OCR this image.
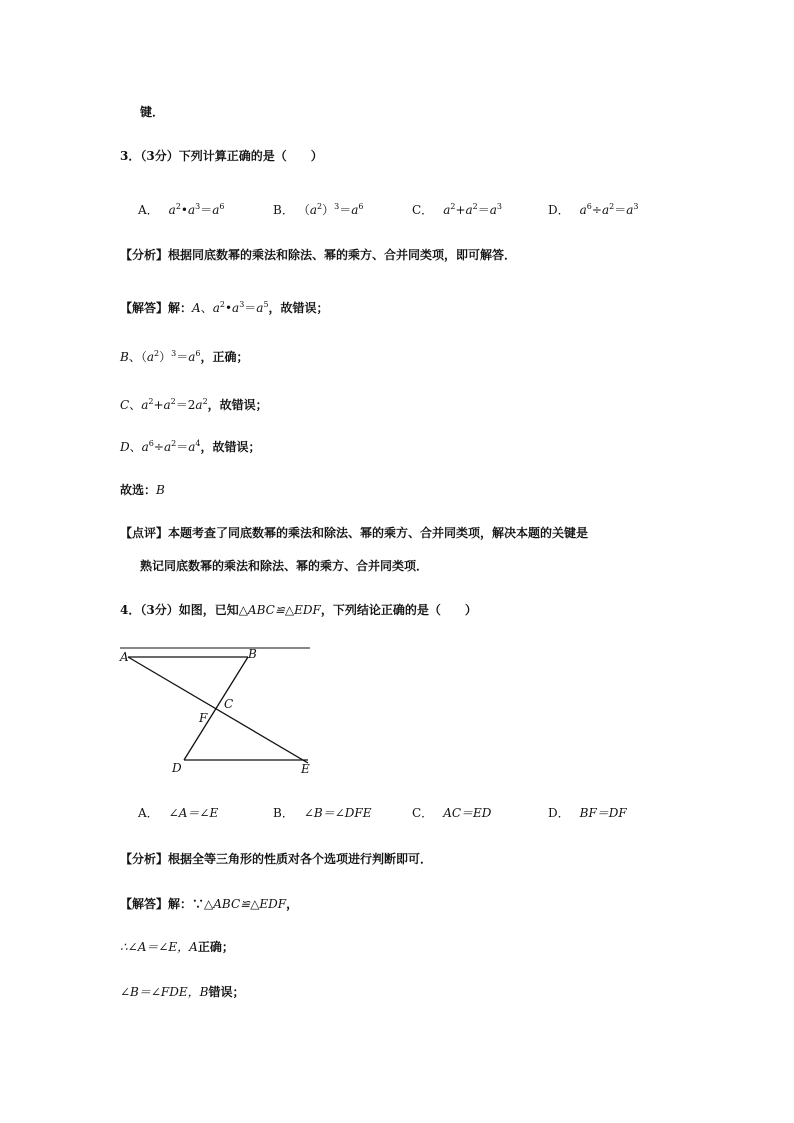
键．
3．（3分）下列计算正确的是（　　）
A． $a^2•a^3=a^6$	B． $(a^2)^3=a^6$	C． $a^2+a^2=a^3$	D． $a^6\div a^2=a^3$
【分析】根据同底数幂的乘法和除法、幂的乘方、合并同类项，即可解答．
【解答】解：A、$a^2•a^3=a^5$，故错误；
B、$(a^2)^3=a^6$，正确；
C、$a^2+a^2=2a^2$，故错误；
D、$a^6\div a^2=a^4$，故错误；
故选：B
【点评】本题考查了同底数幂的乘法和除法、幂的乘方、合并同类项，解决本题的关键是
熟记同底数幂的乘法和除法、幂的乘方、合并同类项．
4．（3分）如图，已知△ABC≌△EDF，下列结论正确的是（　　）
A	B
C
F
D	E
A． ∠A＝∠E	B． ∠B＝∠DFE	C． AC＝ED	D． BF＝DF
【分析】根据全等三角形的性质对各个选项进行判断即可．
【解答】解：∵△ABC≌△EDF，
∴∠A＝∠E，A正确；
∠B＝∠FDE，B错误；
